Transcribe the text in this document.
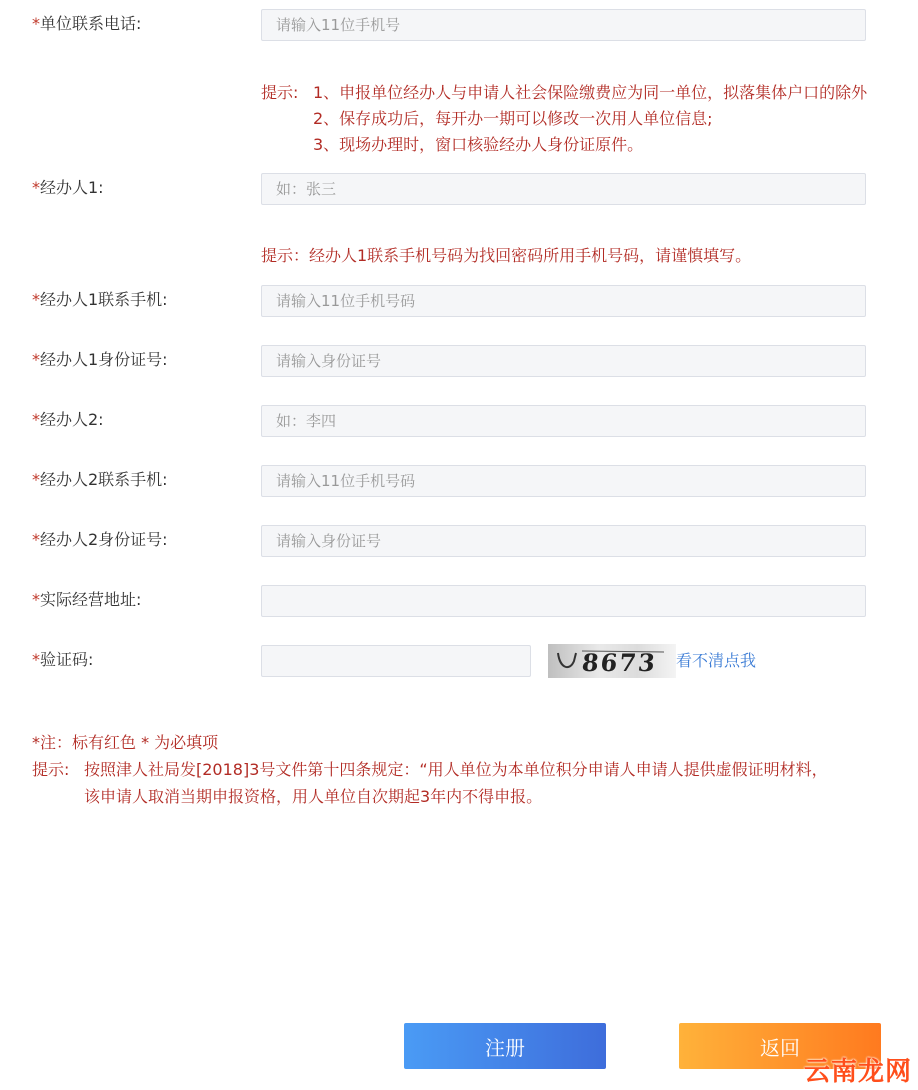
*单位联系电话:
请输入11位手机号
提示: 1、申报单位经办人与申请人社会保险缴费应为同一单位，拟落集体户口的除外
2、保存成功后，每开办一期可以修改一次用人单位信息;
3、现场办理时，窗口核验经办人身份证原件。
*经办人1:
如：张三
提示：经办人1联系手机号码为找回密码所用手机号码，请谨慎填写。
*经办人1联系手机:
请输入11位手机号码
*经办人1身份证号:
请输入身份证号
*经办人2:
如：李四
*经办人2联系手机:
请输入11位手机号码
*经办人2身份证号:
请输入身份证号
*实际经营地址:
*验证码:	8673 看不清点我
*注：标有红色 * 为必填项
提示: 按照津人社局发[2018]3号文件第十四条规定：“用人单位为本单位积分申请人申请人提供虚假证明材料，
该申请人取消当期申报资格，用人单位自次期起3年内不得申报。
注册	返回
云南龙网
